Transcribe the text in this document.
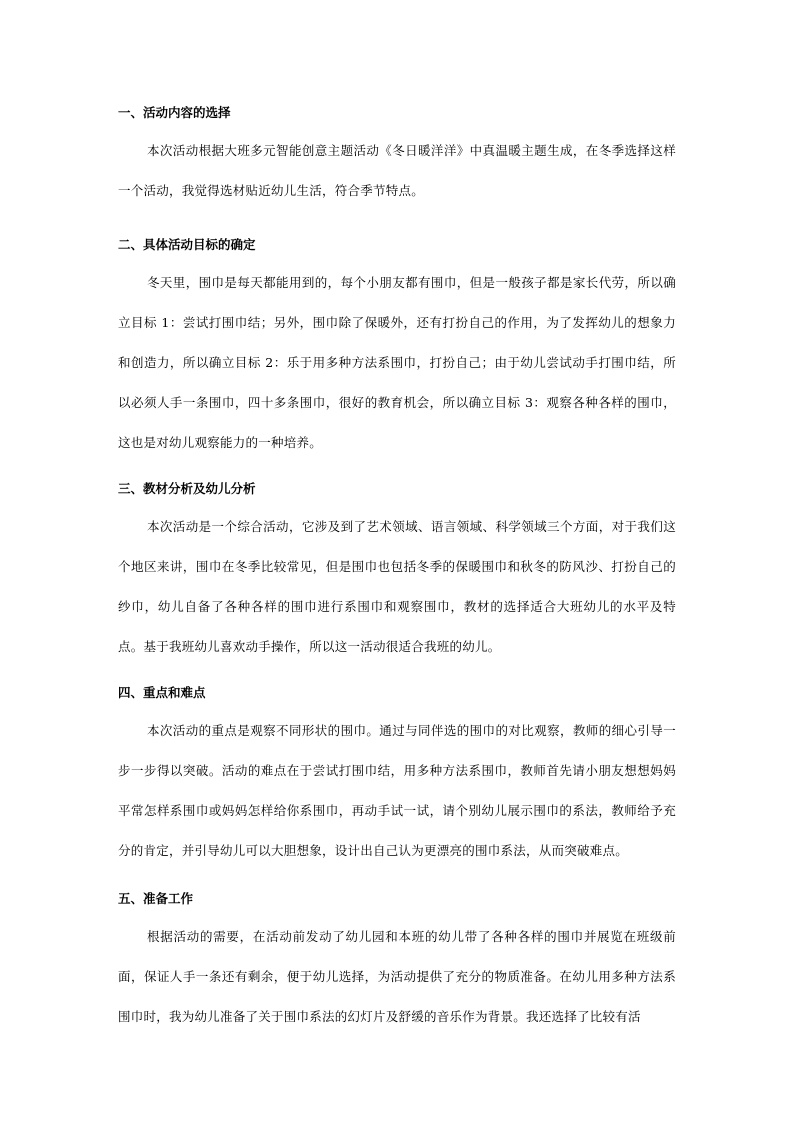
一、活动内容的选择

本次活动根据大班多元智能创意主题活动《冬日暖洋洋》中真温暖主题生成，在冬季选择这样一个活动，我觉得选材贴近幼儿生活，符合季节特点。

二、具体活动目标的确定

冬天里，围巾是每天都能用到的，每个小朋友都有围巾，但是一般孩子都是家长代劳，所以确立目标 1：尝试打围巾结；另外，围巾除了保暖外，还有打扮自己的作用，为了发挥幼儿的想象力和创造力，所以确立目标 2：乐于用多种方法系围巾，打扮自己；由于幼儿尝试动手打围巾结，所以必须人手一条围巾，四十多条围巾，很好的教育机会，所以确立目标 3：观察各种各样的围巾，这也是对幼儿观察能力的一种培养。

三、教材分析及幼儿分析

本次活动是一个综合活动，它涉及到了艺术领域、语言领域、科学领域三个方面，对于我们这个地区来讲，围巾在冬季比较常见，但是围巾也包括冬季的保暖围巾和秋冬的防风沙、打扮自己的纱巾，幼儿自备了各种各样的围巾进行系围巾和观察围巾，教材的选择适合大班幼儿的水平及特点。基于我班幼儿喜欢动手操作，所以这一活动很适合我班的幼儿。

四、重点和难点

本次活动的重点是观察不同形状的围巾。通过与同伴选的围巾的对比观察，教师的细心引导一步一步得以突破。活动的难点在于尝试打围巾结，用多种方法系围巾，教师首先请小朋友想想妈妈平常怎样系围巾或妈妈怎样给你系围巾，再动手试一试，请个别幼儿展示围巾的系法，教师给予充分的肯定，并引导幼儿可以大胆想象，设计出自己认为更漂亮的围巾系法，从而突破难点。

五、准备工作

根据活动的需要，在活动前发动了幼儿园和本班的幼儿带了各种各样的围巾并展览在班级前面，保证人手一条还有剩余，便于幼儿选择，为活动提供了充分的物质准备。在幼儿用多种方法系围巾时，我为幼儿准备了关于围巾系法的幻灯片及舒缓的音乐作为背景。我还选择了比较有活
